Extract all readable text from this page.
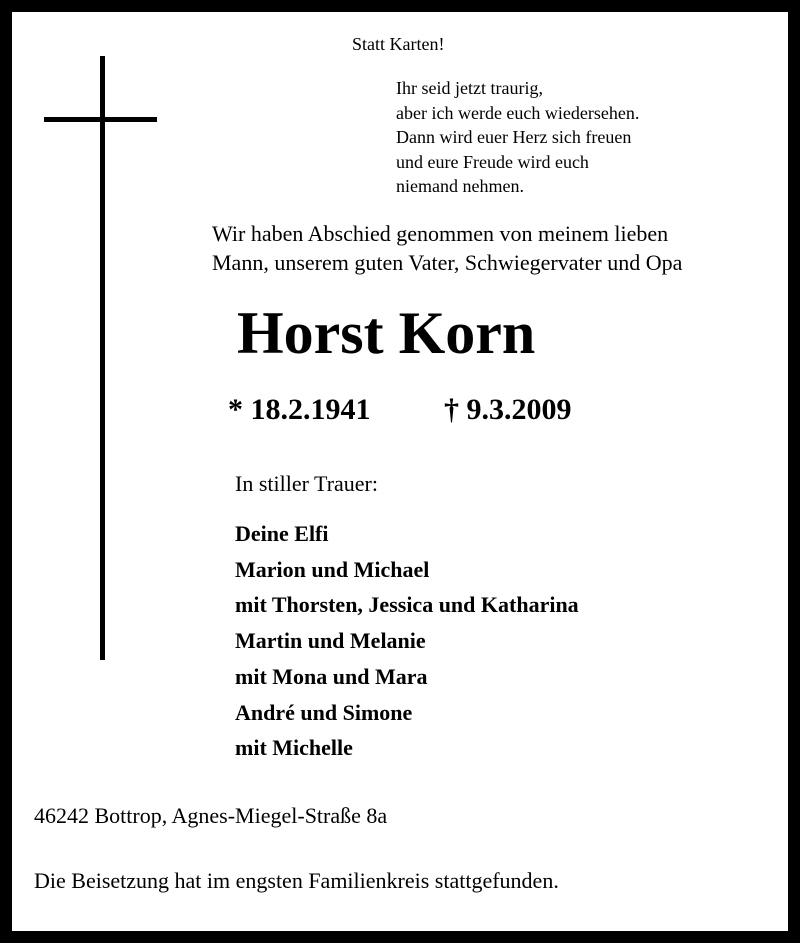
Statt Karten!

Ihr seid jetzt traurig,
aber ich werde euch wiedersehen.
Dann wird euer Herz sich freuen
und eure Freude wird euch
niemand nehmen.
Wir haben Abschied genommen von meinem lieben
Mann, unserem guten Vater, Schwiegervater und Opa

Horst Korn

* 18.2.1941 † 9.3.2009

In stiller Trauer:

Deine Elfi
Marion und Michael
mit Thorsten, Jessica und Katharina
Martin und Melanie
mit Mona und Mara
André und Simone
mit Michelle

46242 Bottrop, Agnes-Miegel-Straße 8a

Die Beisetzung hat im engsten Familienkreis stattgefunden.
